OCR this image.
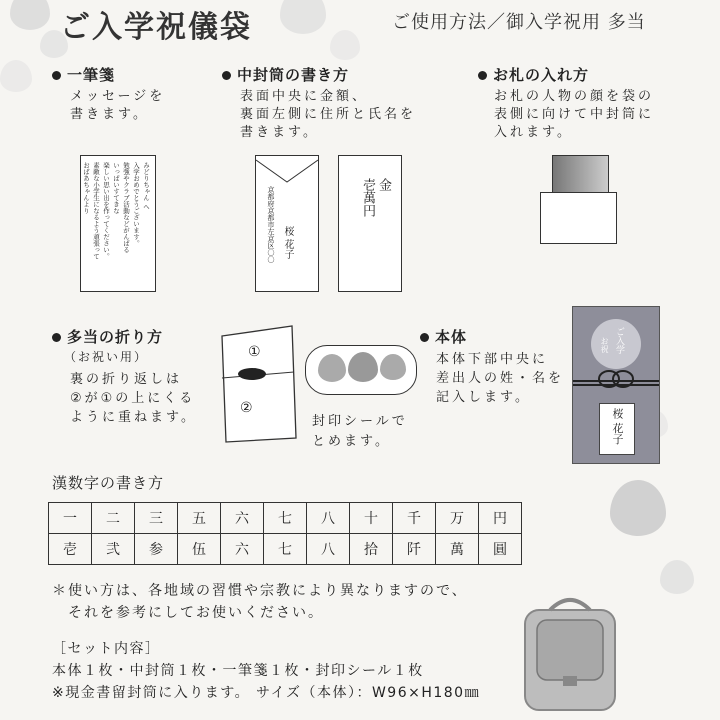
ご入学祝儀袋	ご使用方法／御入学祝用 多当
一筆箋
メッセージを
書きます。
みどりちゃん へ
入学おめでとうございます。
勉強やクラブ活動などがんばる
いっぱいすてきな
楽しい思い出を作ってください。
素敵な小学生になるよう頑張って
おばあちゃんより
中封筒の書き方
表面中央に金額、
裏面左側に住所と氏名を
書きます。
京都府京都市左京区〇〇 桜 花子
金
壱萬円
お札の入れ方
お札の人物の顔を袋の
表側に向けて中封筒に
入れます。
多当の折り方
（お祝い用）
裏の折り返しは
②が①の上にくる
ように重ねます。
①
②
封印シールで
とめます。
本体
本体下部中央に
差出人の姓・名を
記入します。
ご入学
お祝
桜 花子
漢数字の書き方
一	二	三	五	六	七	八	十	千	万	円
壱	弐	参	伍	六	七	八	拾	阡	萬	圓
＊使い方は、各地域の習慣や宗教により異なりますので、
それを参考にしてお使いください。
［セット内容］
本体１枚・中封筒１枚・一筆箋１枚・封印シール１枚
※現金書留封筒に入ります。 サイズ（本体）：W96×H180㎜
